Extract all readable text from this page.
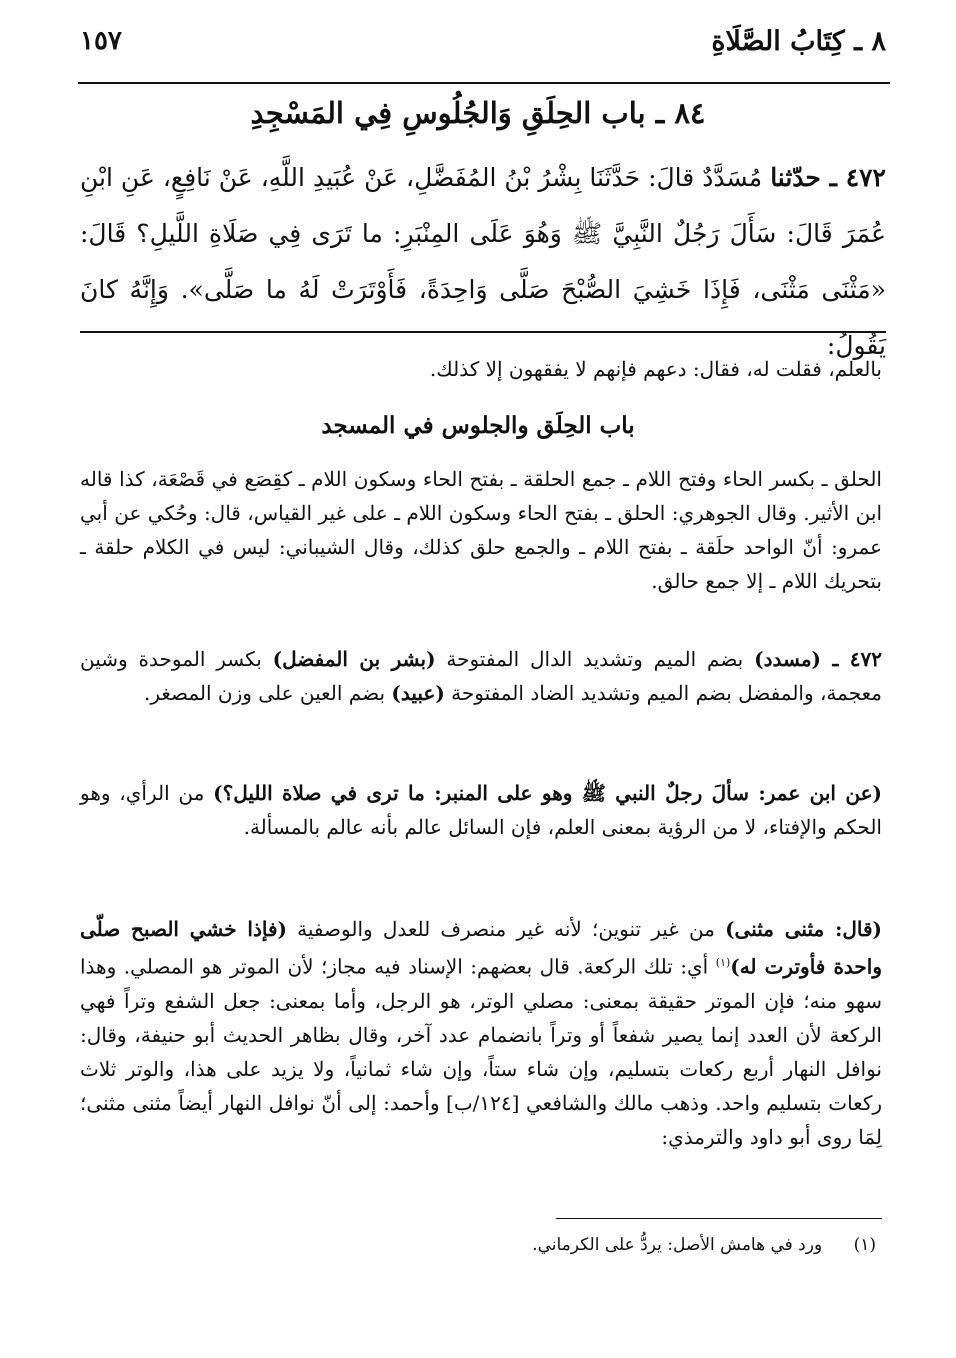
٨ ـ كِتَابُ الصَّلَاةِ
١٥٧
٨٤ ـ باب الحِلَقِ وَالجُلُوسِ فِي المَسْجِدِ
٤٧٢ ـ حدّثنا مُسَدَّدٌ قالَ: حَدَّثَنَا بِشْرُ بْنُ المُفَضَّلِ، عَنْ عُبَيدِ اللَّهِ، عَنْ نَافِعٍ، عَنِ ابْنِ عُمَرَ قَالَ: سَأَلَ رَجُلٌ النَّبِيَّ ﷺ وَهُوَ عَلَى المِنْبَرِ: ما تَرَى فِي صَلَاةِ اللَّيلِ؟ قَالَ: «مَثْنَى مَثْنَى، فَإِذَا خَشِيَ الصُّبْحَ صَلَّى وَاحِدَةً، فَأَوْتَرَتْ لَهُ ما صَلَّى». وَإِنَّهُ كانَ يَقُولُ:
بالعلم، فقلت له، فقال: دعهم فإنهم لا يفقهون إلا كذلك.
باب الحِلَق والجلوس في المسجد
الحلق ـ بكسر الحاء وفتح اللام ـ جمع الحلقة ـ بفتح الحاء وسكون اللام ـ كقِصَع في قَصْعَة، كذا قاله ابن الأثير. وقال الجوهري: الحلق ـ بفتح الحاء وسكون اللام ـ على غير القياس، قال: وحُكي عن أبي عمرو: أنّ الواحد حلَقة ـ بفتح اللام ـ والجمع حلق كذلك، وقال الشيباني: ليس في الكلام حلقة ـ بتحريك اللام ـ إلا جمع حالق.
٤٧٢ ـ (مسدد) بضم الميم وتشديد الدال المفتوحة (بشر بن المفضل) بكسر الموحدة وشين معجمة، والمفضل بضم الميم وتشديد الضاد المفتوحة (عبيد) بضم العين على وزن المصغر.
(عن ابن عمر: سألَ رجلٌ النبي ﷺ وهو على المنبر: ما ترى في صلاة الليل؟) من الرأي، وهو الحكم والإفتاء، لا من الرؤية بمعنى العلم، فإن السائل عالم بأنه عالم بالمسألة.
(قال: مثنى مثنى) من غير تنوين؛ لأنه غير منصرف للعدل والوصفية (فإذا خشي الصبح صلّى واحدة فأوترت له)$^{(١)}$ أي: تلك الركعة. قال بعضهم: الإسناد فيه مجاز؛ لأن الموتر هو المصلي. وهذا سهو منه؛ فإن الموتر حقيقة بمعنى: مصلي الوتر، هو الرجل، وأما بمعنى: جعل الشفع وتراً فهي الركعة لأن العدد إنما يصير شفعاً أو وتراً بانضمام عدد آخر، وقال بظاهر الحديث أبو حنيفة، وقال: نوافل النهار أربع ركعات بتسليم، وإن شاء ستاً، وإن شاء ثمانياً، ولا يزيد على هذا، والوتر ثلاث ركعات بتسليم واحد. وذهب مالك والشافعي [١٢٤/ب] وأحمد: إلى أنّ نوافل النهار أيضاً مثنى مثنى؛ لِمَا روى أبو داود والترمذي:
(١) ورد في هامش الأصل: يردُّ على الكرماني.
